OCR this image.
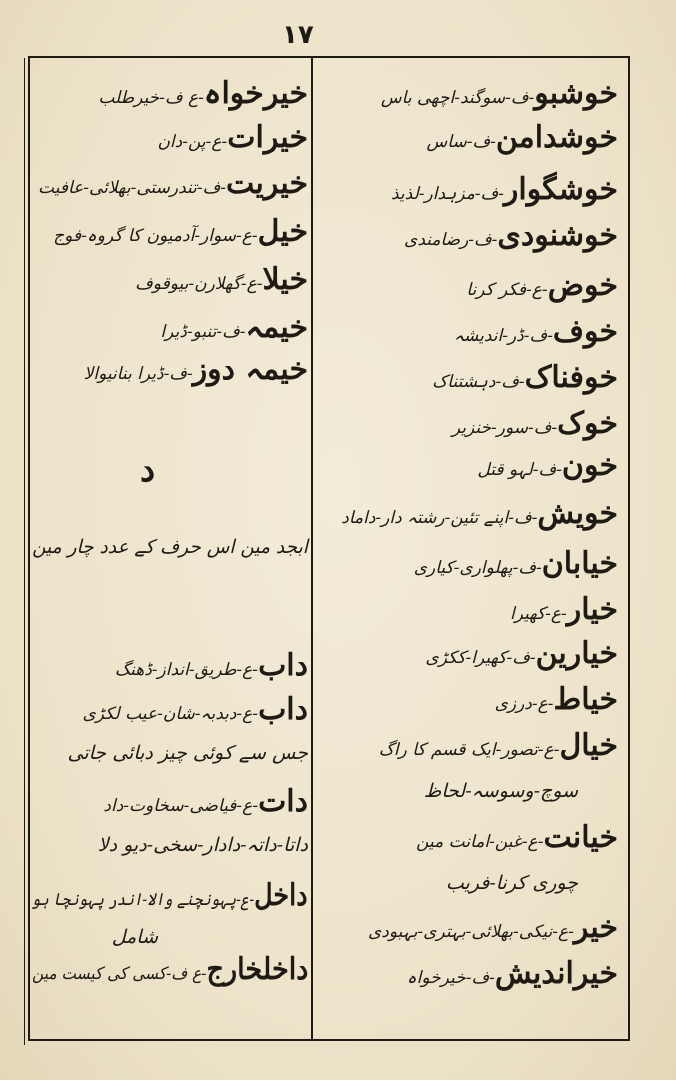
۱۷
خوشبو-ف-سوگند-اچھی باس
خوشدامن-ف-ساس
خوشگوار-ف-مزہدار-لذیذ
خوشنودی-ف-رضامندی
خوض-ع-فکر کرنا
خوف-ف-ڈر-اندیشہ
خوفناک-ف-دہشتناک
خوک-ف-سور-خنزیر
خون-ف-لہو قتل
خویش-ف-اپنے تئین-رشتہ دار-داماد
خیابان-ف-پھلواری-کیاری
خیار-ع-کھیرا
خیارین-ف-کھیرا-ککڑی
خیاط-ع-درزی
خیال-ع-تصور-ایک قسم کا راگ
سوچ-وسوسہ-لحاظ
خیانت-ع-غبن-امانت مین
چوری کرنا-فریب
خیر-ع-نیکی-بھلائی-بہتری-بہبودی
خیراندیش-ف-خیرخواہ
خیرخواہ-ع ف-خیرطلب
خیرات-ع-پن-دان
خیریت-ف-تندرستی-بھلائی-عافیت
خیل-ع-سوار-آدمیون کا گروہ-فوج
خیلا-ع-گھلارن-بیوقوف
خیمہ-ف-تنبو-ڈیرا
خیمہ دوز-ف-ڈیرا بنانیوالا
ابجد مین اس حرف کے عدد چار مین
داب-ع-طریق-انداز-ڈھنگ
داب-ع-دبدبہ-شان-عیب لکڑی
جس سے کوئی چیز دبائی جاتی
دات-ع-فیاضی-سخاوت-داد
داتا-داتہ-دادار-سخی-دیو دلا
داخل-ع-پہونچنے والا-اندر پہونچا ہو
شامل
داخلخارج-ع ف-کسی کی کیست مین
د
